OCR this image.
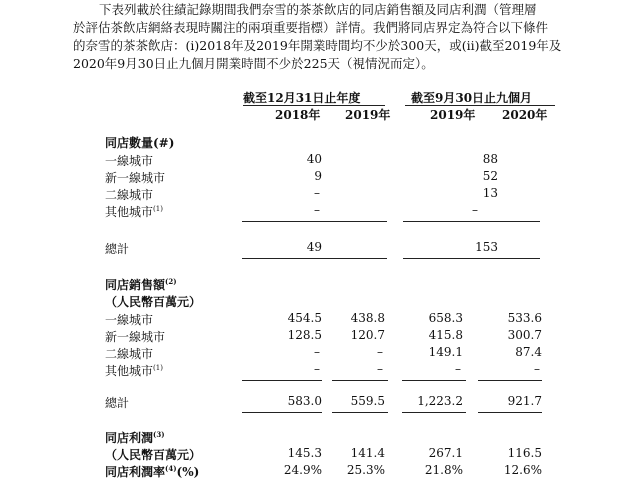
下表列載於往績記錄期間我們奈雪的茶茶飲店的同店銷售額及同店利潤（管理層
於評估茶飲店網絡表現時關注的兩項重要指標）詳情。我們將同店界定為符合以下條件
的奈雪的茶茶飲店：(i)2018年及2019年開業時間均不少於300天，或(ii)截至2019年及
2020年9月30日止九個月開業時間不少於225天（視情況而定）。
截至12月31日止年度	截至9月30日止九個月
2018年 2019年	2019年 2020年
同店數量(#)
一線城市	40	88
新一線城市	9	52
二線城市	–	13
其他城市$^{(1)}$	–	–
總計	49	153
同店銷售額$^{(2)}$
（人民幣百萬元）
一線城市	454.5	438.8	658.3	533.6
新一線城市	128.5	120.7	415.8	300.7
二線城市	–	–	149.1	87.4
其他城市$^{(1)}$	–	–	–	–
總計	583.0	559.5	1,223.2	921.7
同店利潤$^{(3)}$
（人民幣百萬元）	145.3	141.4	267.1	116.5
同店利潤率$^{(4)}$(%)	24.9%	25.3%	21.8%	12.6%
